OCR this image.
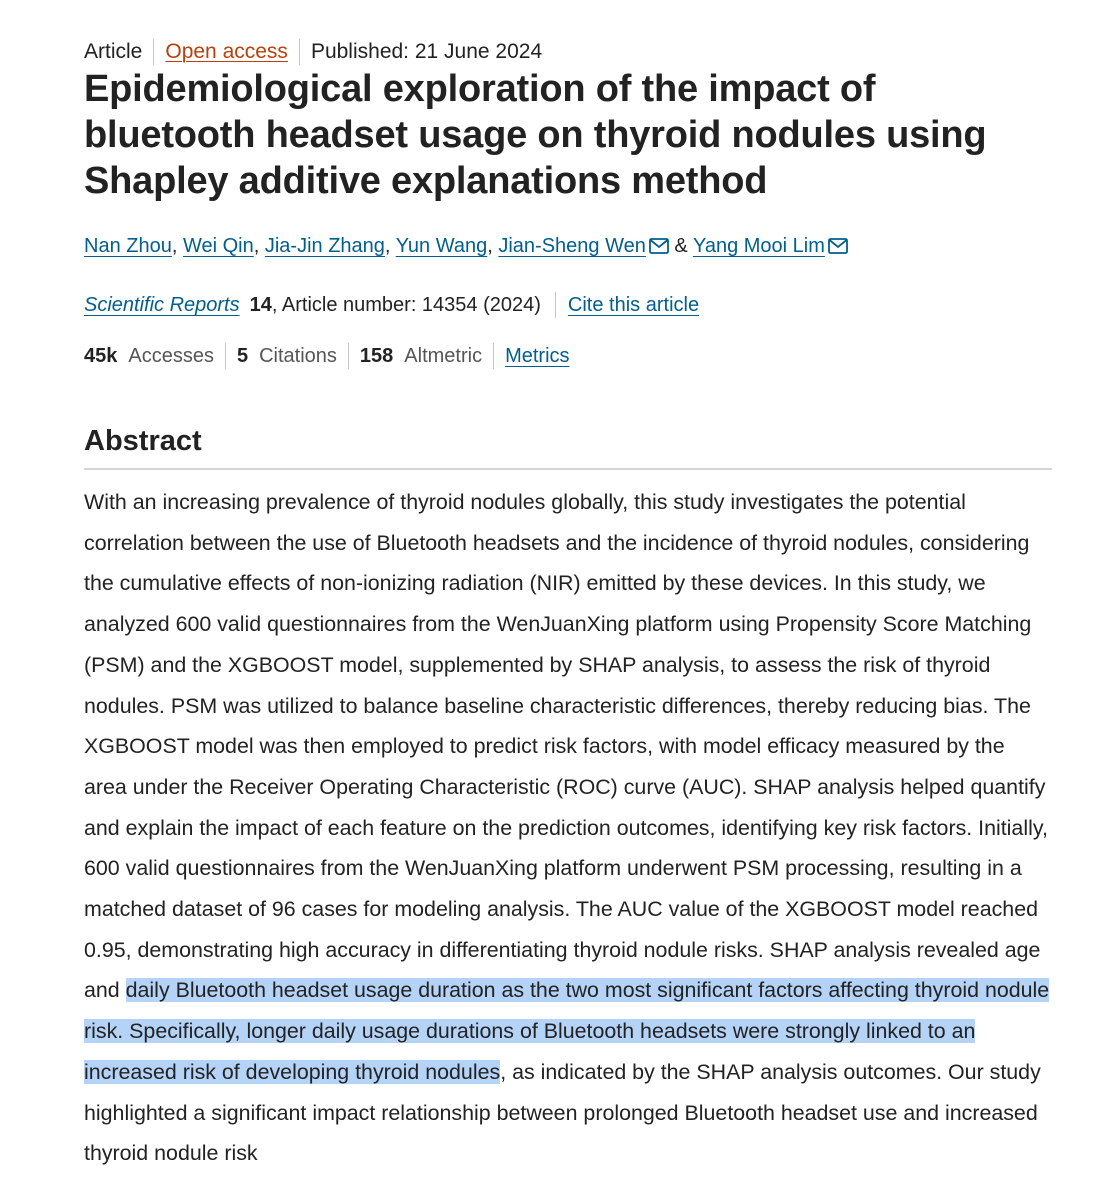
Article Open access Published: 21 June 2024
Epidemiological exploration of the impact of bluetooth headset usage on thyroid nodules using Shapley additive explanations method
Nan Zhou, Wei Qin, Jia-Jin Zhang, Yun Wang, Jian-Sheng Wen & Yang Mooi Lim
Scientific Reports 14 , Article number: 14354 (2024) Cite this article
45k Accesses 5 Citations 158 Altmetric Metrics
Abstract

With an increasing prevalence of thyroid nodules globally, this study investigates the potential correlation between the use of Bluetooth headsets and the incidence of thyroid nodules, considering the cumulative effects of non-ionizing radiation (NIR) emitted by these devices. In this study, we analyzed 600 valid questionnaires from the WenJuanXing platform using Propensity Score Matching (PSM) and the XGBOOST model, supplemented by SHAP analysis, to assess the risk of thyroid nodules. PSM was utilized to balance baseline characteristic differences, thereby reducing bias. The XGBOOST model was then employed to predict risk factors, with model efficacy measured by the area under the Receiver Operating Characteristic (ROC) curve (AUC). SHAP analysis helped quantify and explain the impact of each feature on the prediction outcomes, identifying key risk factors. Initially, 600 valid questionnaires from the WenJuanXing platform underwent PSM processing, resulting in a matched dataset of 96 cases for modeling analysis. The AUC value of the XGBOOST model reached 0.95, demonstrating high accuracy in differentiating thyroid nodule risks. SHAP analysis revealed age and daily Bluetooth headset usage duration as the two most significant factors affecting thyroid nodule risk. Specifically, longer daily usage durations of Bluetooth headsets were strongly linked to an increased risk of developing thyroid nodules, as indicated by the SHAP analysis outcomes. Our study highlighted a significant impact relationship between prolonged Bluetooth headset use and increased thyroid nodule risk
